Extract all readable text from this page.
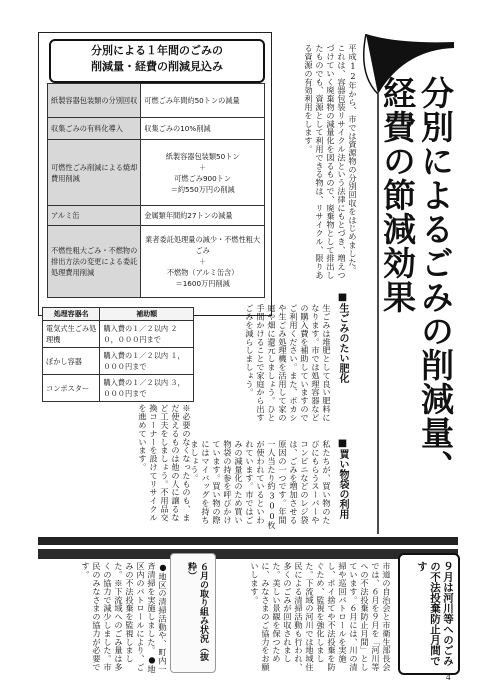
分別による１年間のごみの
削減量・経費の削減見込み
紙製容器包装類の分別回収	可燃ごみ年間約50トンの減量
収集ごみの有料化導入	収集ごみの10%削減
可燃性ごみ削減による焼却費用削減	紙製容器包装類50トン
＋
可燃ごみ900トン
＝約550万円の削減

アルミ缶	金属類年間約27トンの減量
不燃性粗大ごみ・不燃物の排出方法の変更による委託処理費用削減	業者委託処理量の減少・不燃性粗大ごみ
＋
不燃物（アルミ缶含）
＝1600万円削減
処理容器名	補助額
電気式生ごみ処理機	購入費の１／２以内 ２０，０００円まで
ぼかし容器	購入費の１／２以内 １，０００円まで
コンポスター	購入費の１／２以内 ３，０００円まで
平成12年から、市では資源物の分別回収をはじめました。これは、容器包装リサイクル法という法律にもとづき、増えつづけていく廃棄物の減量化を図るもので、廃棄物として排出したものでも、資源として利用できる物は、リサイクル、限りある資源の有効利用をします。	分別によるごみの削減量、経費の節減効果
■生ごみのたい肥化
生ごみは堆肥として良い肥料になります。市では処理容器などの購入費を補助していますのでご利用ください。また、ボカシや生ごみ処理機を活用して家の庭や畑に還元しましょう。ひと手間かけることで家庭から出すごみを減らしましょう。
■買い物袋の利用
私たちが、買い物のたびにもらうスーパーやコンビニなどのレジ袋は、ごみを増加させる原因の一つです。年間一人当たり約300枚が使われているといわれています。市ではごみの減量化のため買い物袋の持参を呼びかけています。買い物の際にはマイバッグを持ちましょう。
※必要のなくなったものも、まだ使えるものは他の人に譲るなど工夫をしましょう。不用品交換コーナーを設けてリサイクルを進めています。
●地区の清掃活動や、町内一斉清掃を実施しました。●地区内のパトロールにより、ごみの不法投棄を監視しました。※下流域へのごみ量は多くの協力で減少しました。市民のみなさまの協力が必要です。	６月の取り組み状況（抜粋）	市道の自治会と市衛生部長会では、６月を９月を「河川等への不法投棄防止月間」としています。６月には、川の清掃や巡回パトロールを実施し、ポイ捨てや不法投棄を防ぐため、監視を強化しました。下流域の河川では地域住民による清掃活動も行われ、多くのごみが回収されました。美しい景観を保つために、みなさまのご協力をお願いします。	９月は河川等へのごみの不法投棄防止月間です
4
